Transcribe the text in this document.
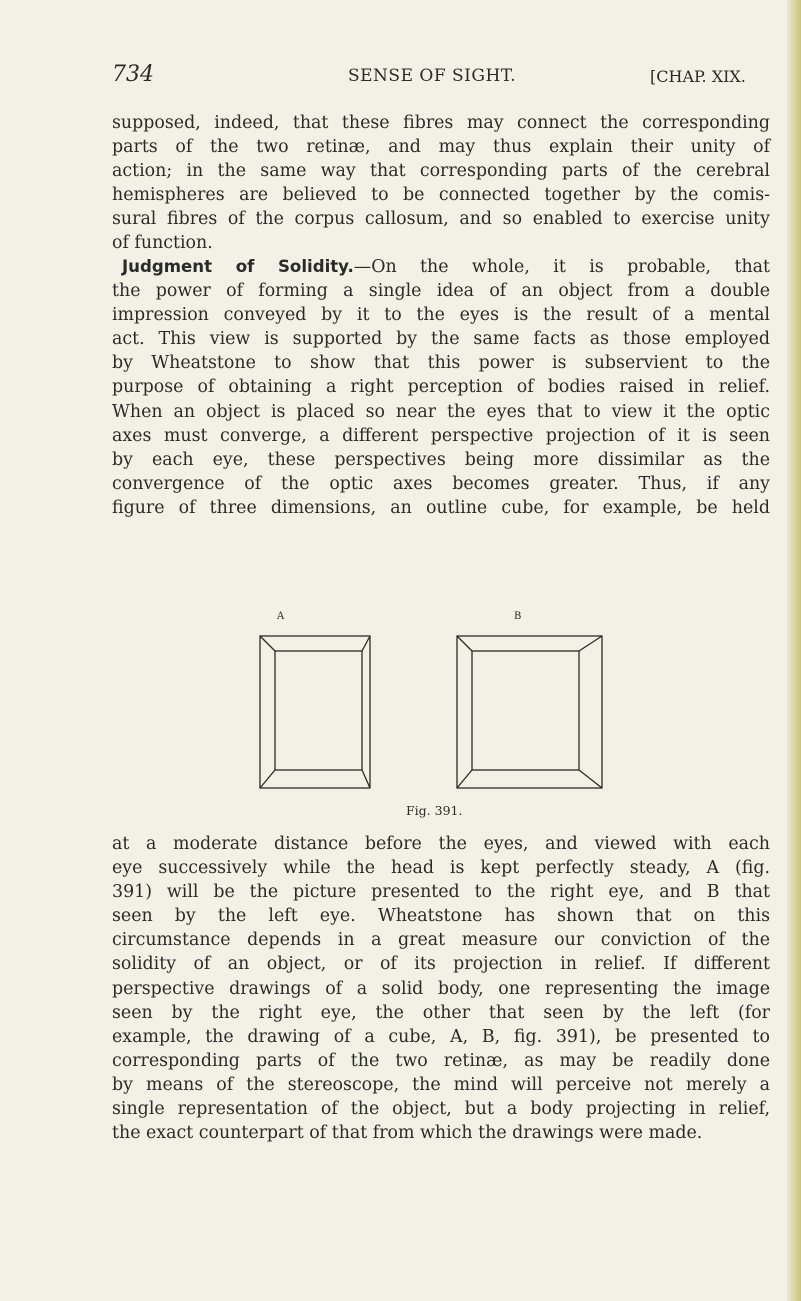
734	SENSE OF SIGHT.	[CHAP. XIX.
supposed, indeed, that these fibres may connect the corresponding
parts of the two retinæ, and may thus explain their unity of
action; in the same way that corresponding parts of the cerebral
hemispheres are believed to be connected together by the comis-
sural fibres of the corpus callosum, and so enabled to exercise unity
of function.
Judgment of Solidity.—On the whole, it is probable, that
the power of forming a single idea of an object from a double
impression conveyed by it to the eyes is the result of a mental
act. This view is supported by the same facts as those employed
by Wheatstone to show that this power is subservient to the
purpose of obtaining a right perception of bodies raised in relief.
When an object is placed so near the eyes that to view it the optic
axes must converge, a different perspective projection of it is seen
by each eye, these perspectives being more dissimilar as the
convergence of the optic axes becomes greater. Thus, if any
figure of three dimensions, an outline cube, for example, be held
A	B
Fig. 391.
at a moderate distance before the eyes, and viewed with each
eye successively while the head is kept perfectly steady, A (fig.
391) will be the picture presented to the right eye, and B that
seen by the left eye. Wheatstone has shown that on this
circumstance depends in a great measure our conviction of the
solidity of an object, or of its projection in relief. If different
perspective drawings of a solid body, one representing the image
seen by the right eye, the other that seen by the left (for
example, the drawing of a cube, A, B, fig. 391), be presented to
corresponding parts of the two retinæ, as may be readily done
by means of the stereoscope, the mind will perceive not merely a
single representation of the object, but a body projecting in relief,
the exact counterpart of that from which the drawings were made.
